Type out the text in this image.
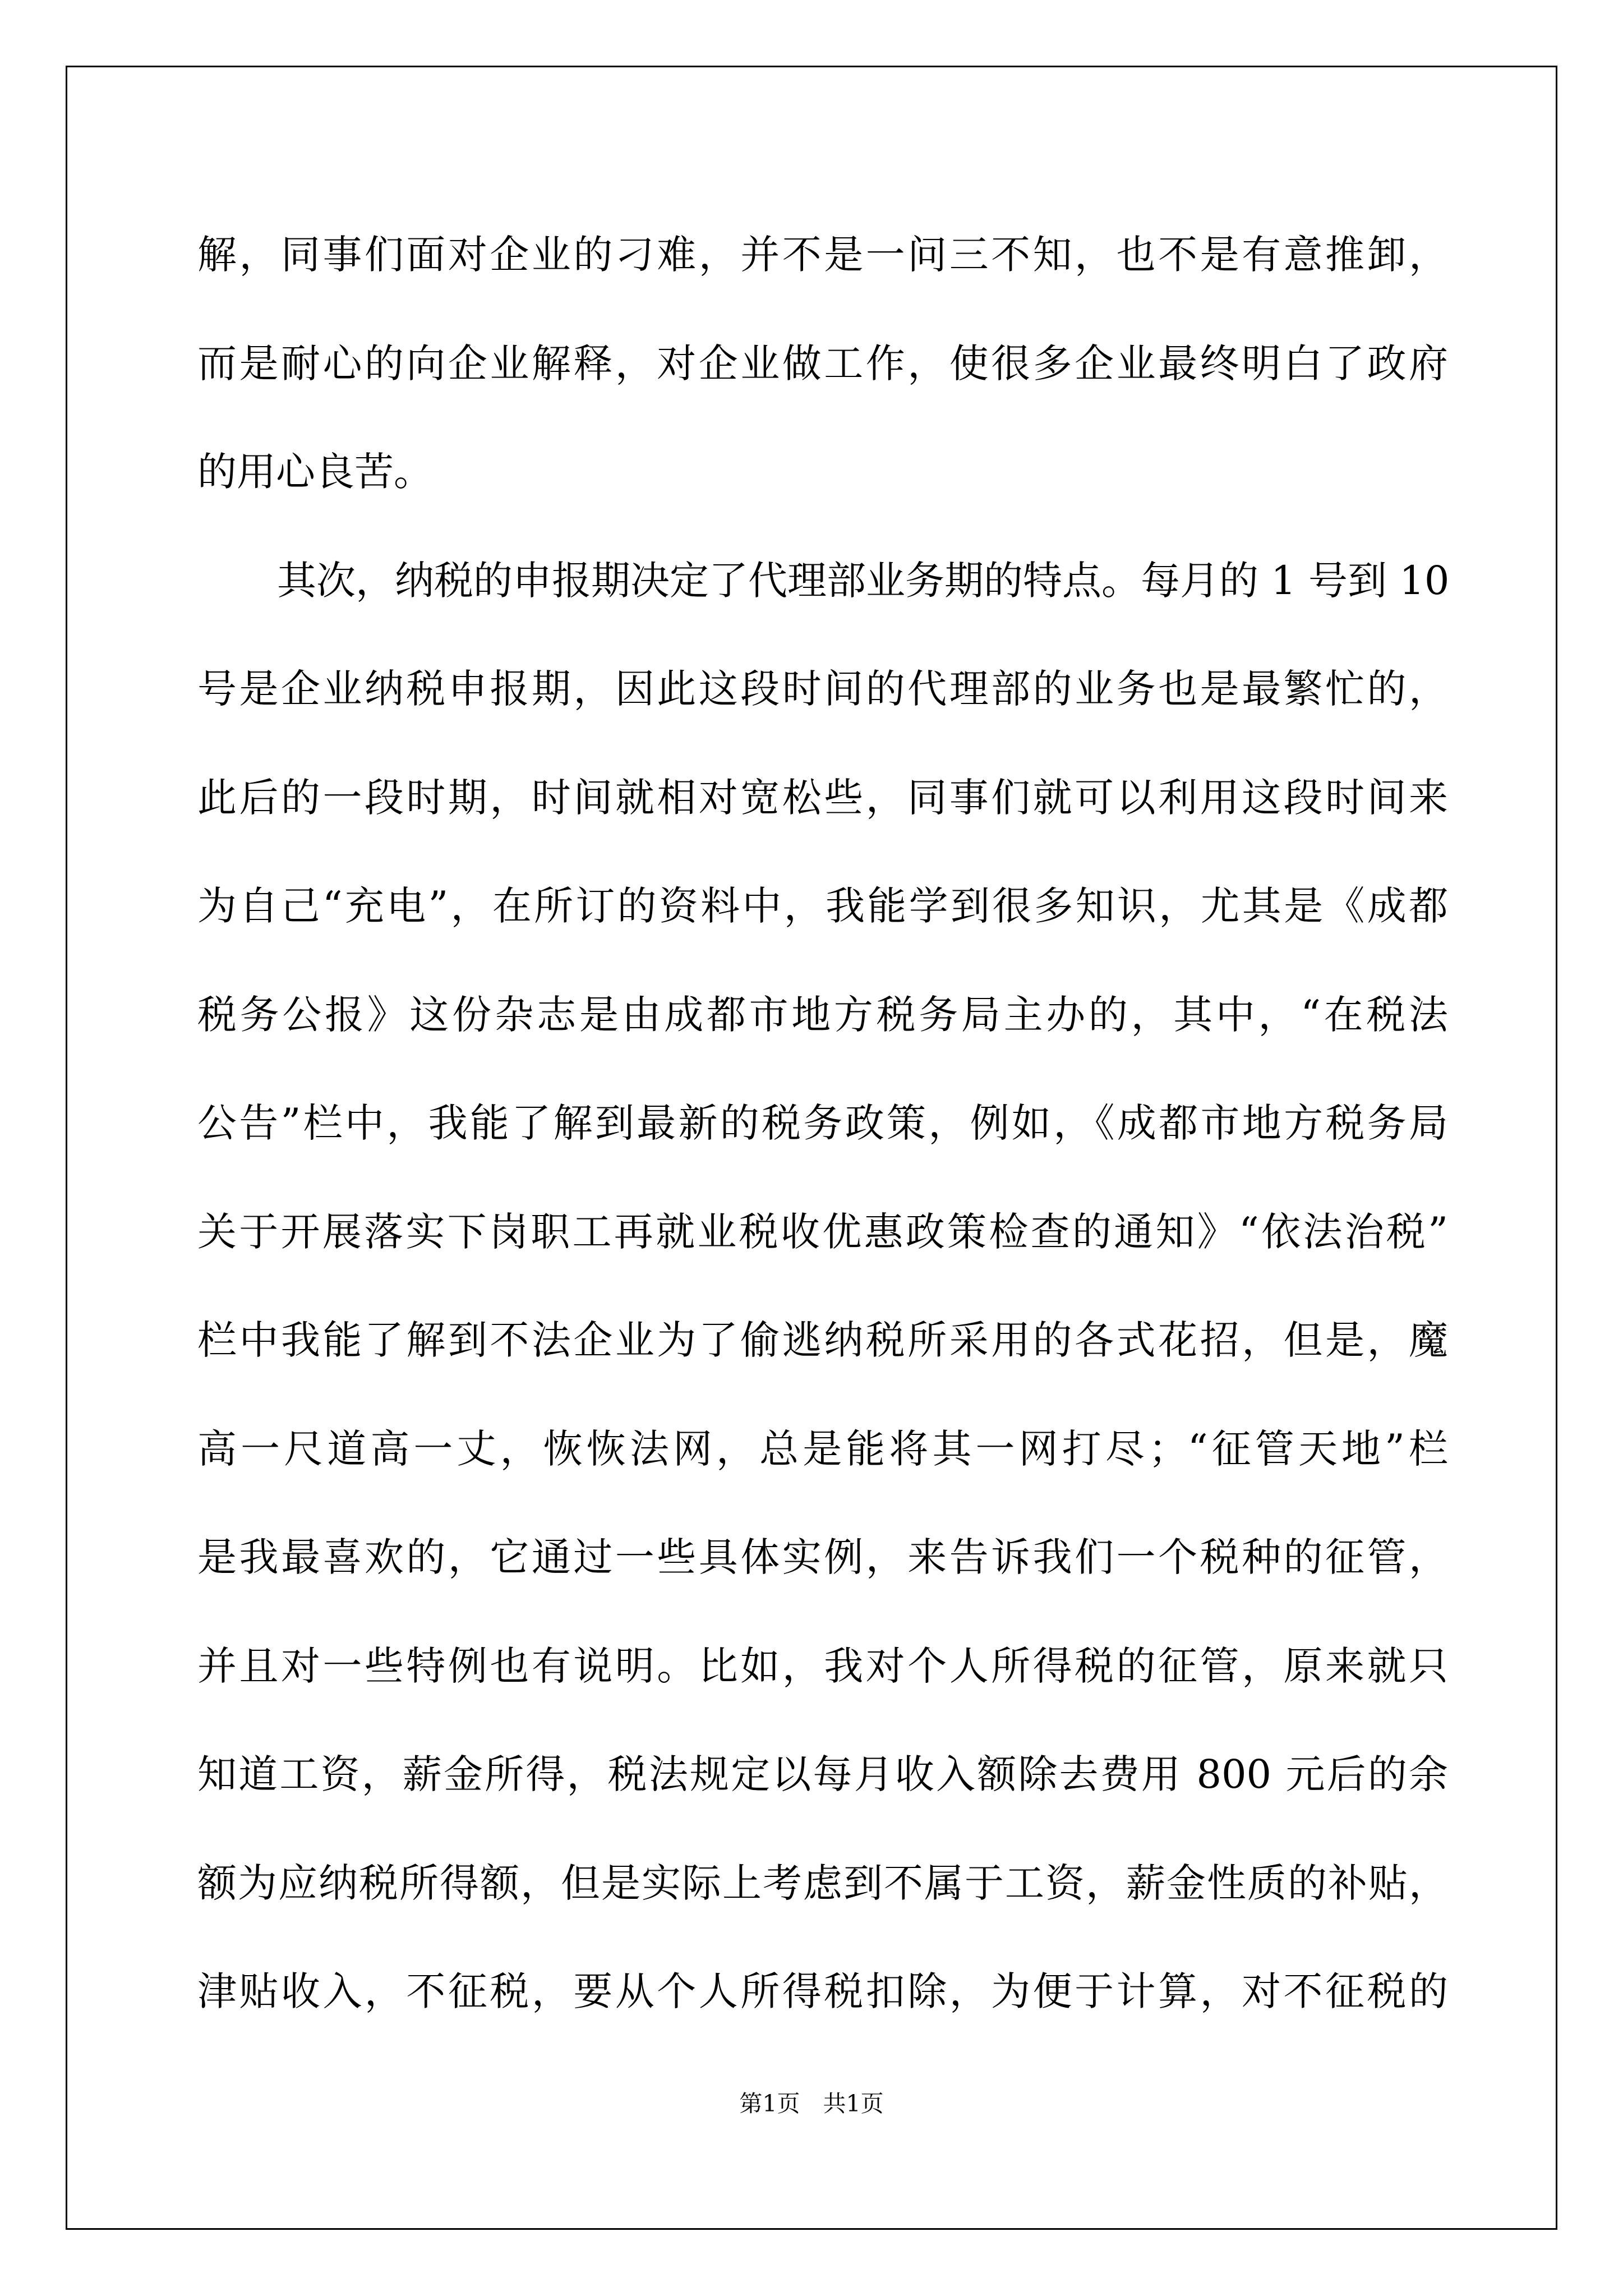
解，同事们面对企业的刁难，并不是一问三不知，也不是有意推卸，
而是耐心的向企业解释，对企业做工作，使很多企业最终明白了政府
的用心良苦。
其次，纳税的申报期决定了代理部业务期的特点。每月的 1 号到 10
号是企业纳税申报期，因此这段时间的代理部的业务也是最繁忙的，
此后的一段时期，时间就相对宽松些，同事们就可以利用这段时间来
为自己“充电”，在所订的资料中，我能学到很多知识，尤其是《成都
税务公报》这份杂志是由成都市地方税务局主办的，其中，“在税法
公告”栏中，我能了解到最新的税务政策，例如，《成都市地方税务局
关于开展落实下岗职工再就业税收优惠政策检查的通知》“依法治税”
栏中我能了解到不法企业为了偷逃纳税所采用的各式花招，但是，魔
高一尺道高一丈，恢恢法网，总是能将其一网打尽；“征管天地”栏
是我最喜欢的，它通过一些具体实例，来告诉我们一个税种的征管，
并且对一些特例也有说明。比如，我对个人所得税的征管，原来就只
知道工资，薪金所得，税法规定以每月收入额除去费用 800 元后的余
额为应纳税所得额，但是实际上考虑到不属于工资，薪金性质的补贴，
津贴收入，不征税，要从个人所得税扣除，为便于计算，对不征税的
第1页　共1页
